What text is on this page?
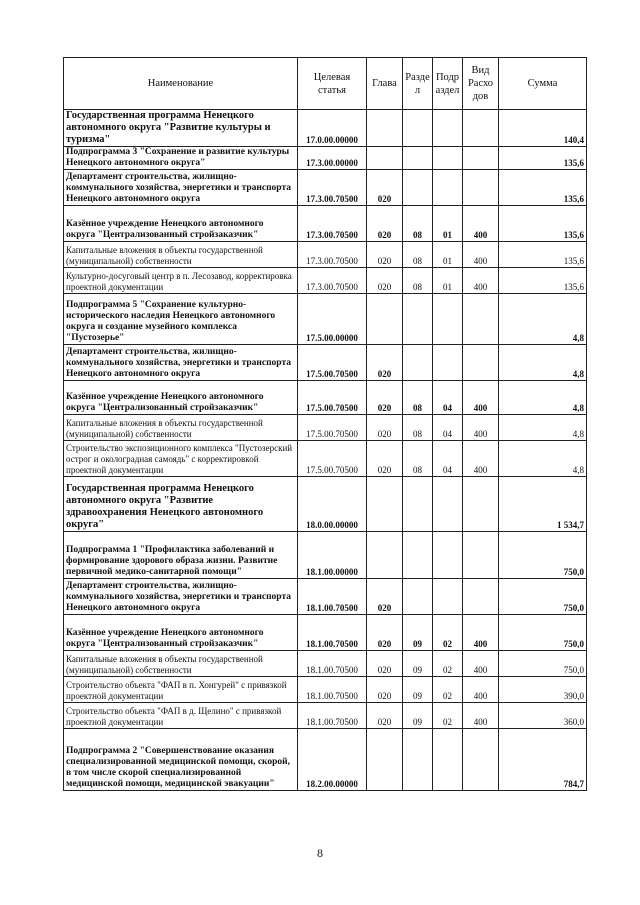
Наименование	Целевая статья	Глава	Разде л	Подр аздел	Вид Расхо дов	Сумма
Государственная программа Ненецкого автономного округа "Развитие культуры и туризма"	17.0.00.00000					140,4
Подпрограмма 3 "Сохранение и развитие культуры Ненецкого автономного округа"	17.3.00.00000					135,6
Департамент строительства, жилищно-коммунального хозяйства, энергетики и транспорта Ненецкого автономного округа	17.3.00.70500	020				135,6
Казённое учреждение Ненецкого автономного округа "Централизованный стройзаказчик"	17.3.00.70500	020	08	01	400	135,6
Капитальные вложения в объекты государственной (муниципальной) собственности	17.3.00.70500	020	08	01	400	135,6
Культурно-досуговый центр в п. Лесозавод, корректировка проектной документации	17.3.00.70500	020	08	01	400	135,6
Подпрограмма 5 "Сохранение культурно-исторического наследия Ненецкого автономного округа и создание музейного комплекса "Пустозерье"	17.5.00.00000					4,8
Департамент строительства, жилищно-коммунального хозяйства, энергетики и транспорта Ненецкого автономного округа	17.5.00.70500	020				4,8
Казённое учреждение Ненецкого автономного округа "Централизованный стройзаказчик"	17.5.00.70500	020	08	04	400	4,8
Капитальные вложения в объекты государственной (муниципальной) собственности	17.5.00.70500	020	08	04	400	4,8
Строительство экспозиционного комплекса "Пустозерский острог и околоградная самоядь" с корректировкой проектной документации	17.5.00.70500	020	08	04	400	4,8
Государственная программа Ненецкого автономного округа "Развитие здравоохранения Ненецкого автономного округа"	18.0.00.00000					1 534,7
Подпрограмма 1 "Профилактика заболеваний и формирование здорового образа жизни. Развитие первичной медико-санитарной помощи"	18.1.00.00000					750,0
Департамент строительства, жилищно-коммунального хозяйства, энергетики и транспорта Ненецкого автономного округа	18.1.00.70500	020				750,0
Казённое учреждение Ненецкого автономного округа "Централизованный стройзаказчик"	18.1.00.70500	020	09	02	400	750,0
Капитальные вложения в объекты государственной (муниципальной) собственности	18.1.00.70500	020	09	02	400	750,0
Строительство объекта "ФАП в п. Хонгурей" с привязкой проектной документации	18.1.00.70500	020	09	02	400	390,0
Строительство объекта "ФАП в д. Щелино" с привязкой проектной документации	18.1.00.70500	020	09	02	400	360,0
Подпрограмма 2 "Совершенствование оказания специализированной медицинской помощи, скорой, в том числе скорой специализированной медицинской помощи, медицинской эвакуации"	18.2.00.00000					784,7
8
